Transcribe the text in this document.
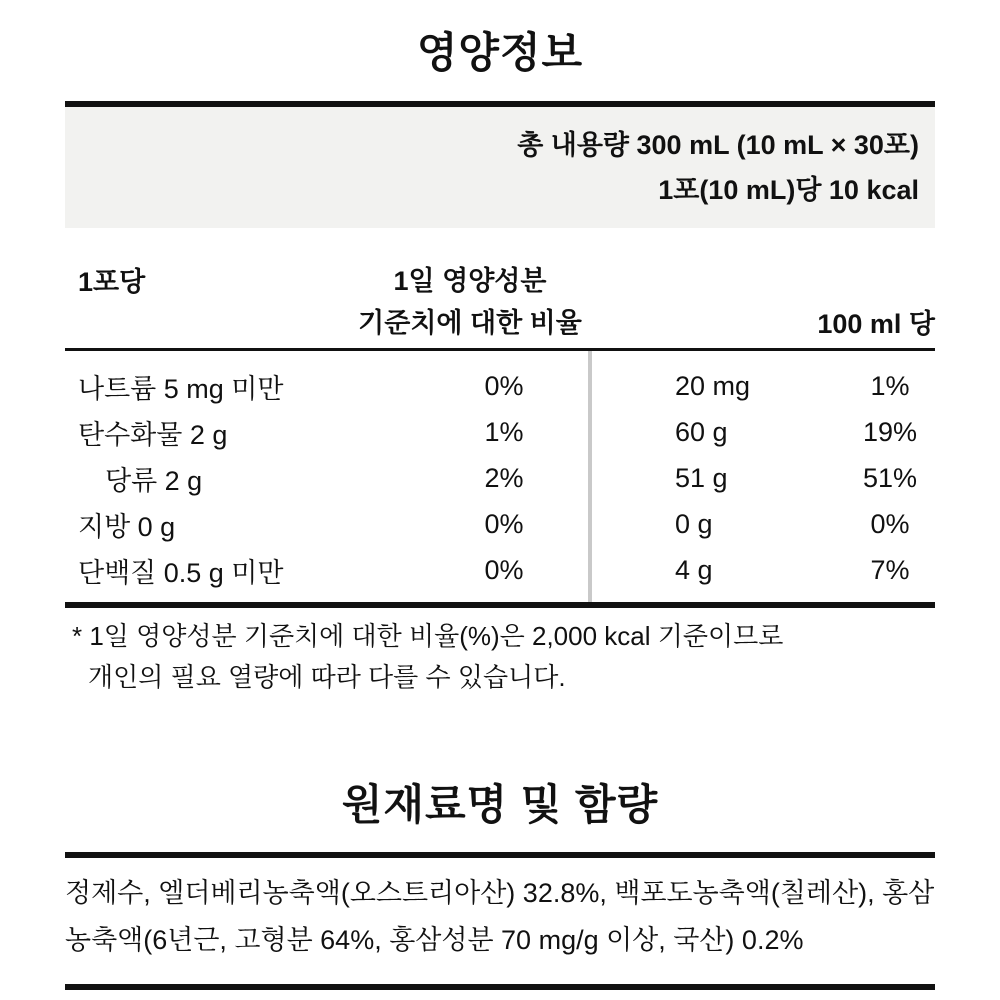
영양정보
총 내용량 300 mL (10 mL × 30포)
1포(10 mL)당 10 kcal
1포당	1일 영양성분
기준치에 대한 비율	100 ml 당
나트륨 5 mg 미만	0%	20 mg	1%
탄수화물 2 g	1%	60 g	19%
당류 2 g	2%	51 g	51%
지방 0 g	0%	0 g	0%
단백질 0.5 g 미만	0%	4 g	7%
* 1일 영양성분 기준치에 대한 비율(%)은 2,000 kcal 기준이므로
개인의 필요 열량에 따라 다를 수 있습니다.
원재료명 및 함량
정제수, 엘더베리농축액(오스트리아산) 32.8%, 백포도농축액(칠레산), 홍삼농축액(6년근, 고형분 64%, 홍삼성분 70 mg/g 이상, 국산) 0.2%
